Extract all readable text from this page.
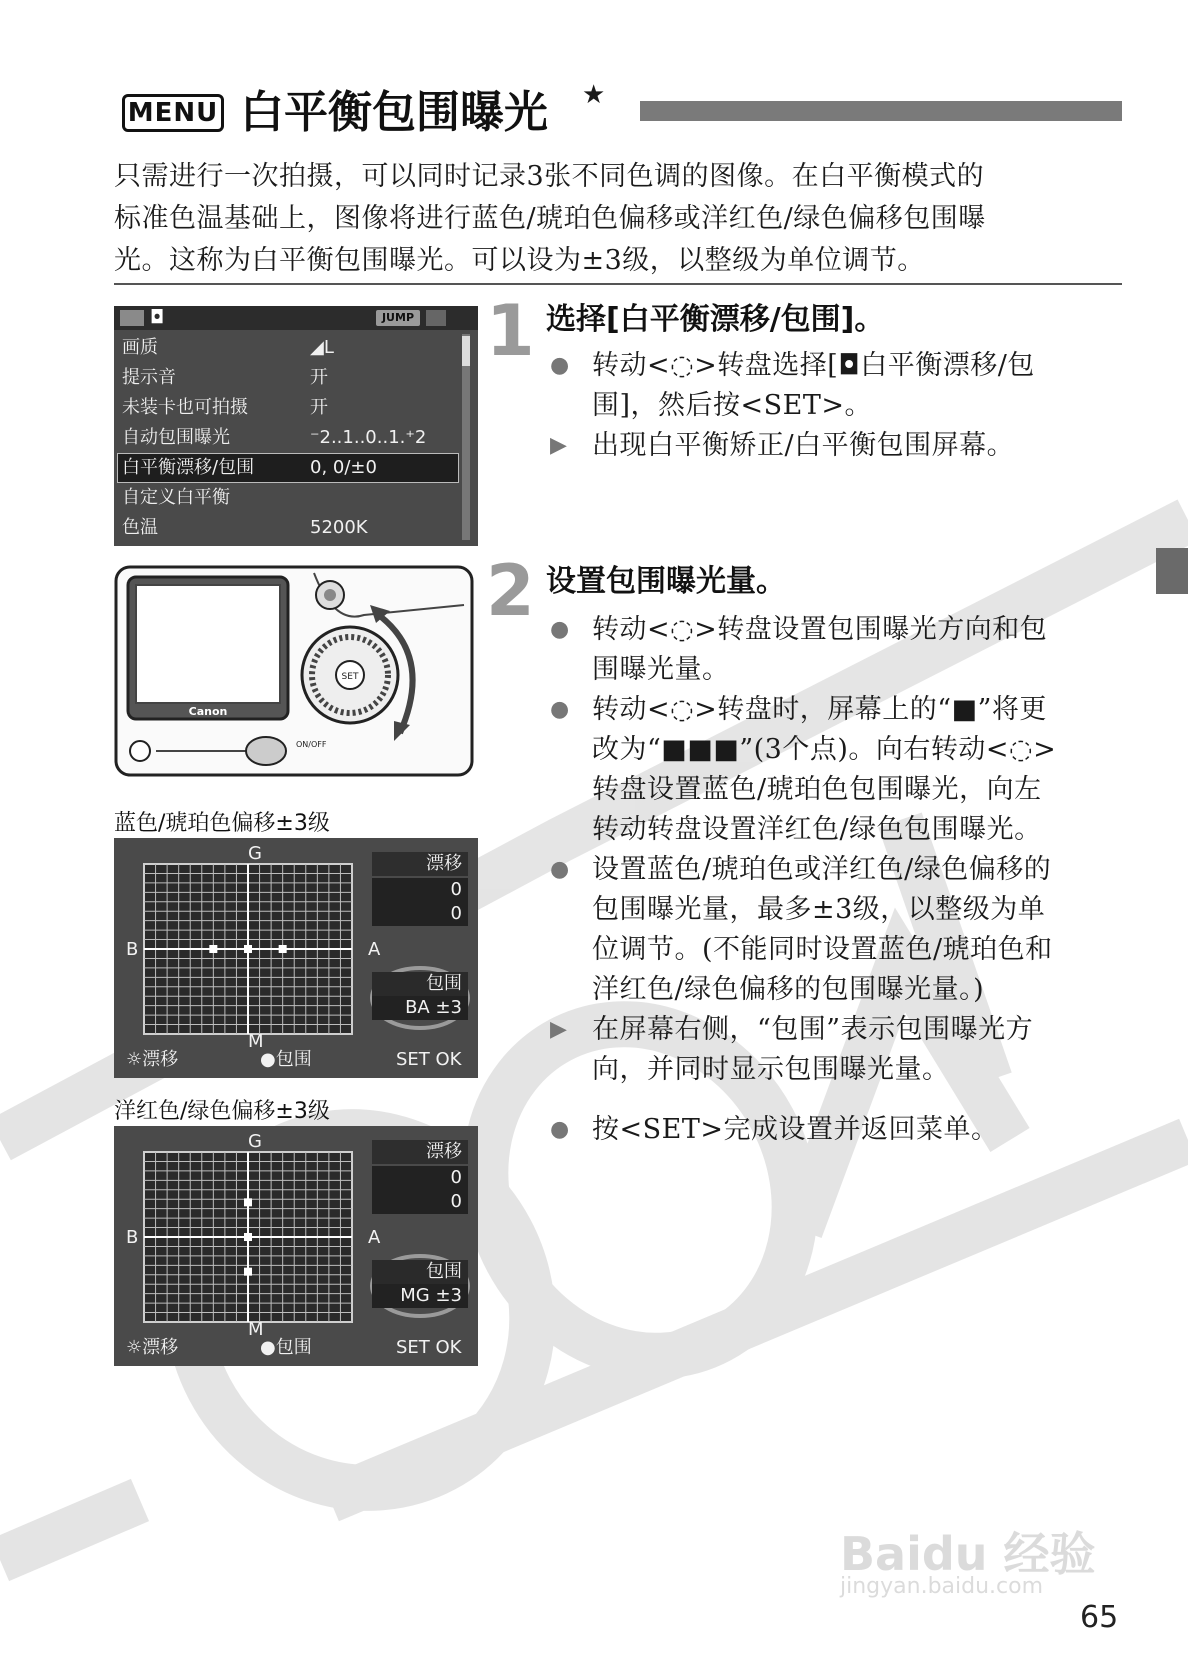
MENU 白平衡包围曝光 ★
只需进行一次拍摄，可以同时记录3张不同色调的图像。在白平衡模式的
标准色温基础上，图像将进行蓝色/琥珀色偏移或洋红色/绿色偏移包围曝
光。这称为白平衡包围曝光。可以设为±3级，以整级为单位调节。
◘	JUMP
画质	◢L
提示音	开
未装卡也可拍摄	开
自动包围曝光	⁻2..1..0..1.⁺2
白平衡漂移/包围	0, 0/±0
自定义白平衡
色温	5200K
Canon
SET
ON/OFF
1 选择[白平衡漂移/包围]。
● 转动<◌>转盘选择[◘白平衡漂移/包
围]，然后按<SET>。
▶ 出现白平衡矫正/白平衡包围屏幕。
2 设置包围曝光量。
● 转动<◌>转盘设置包围曝光方向和包
围曝光量。
● 转动<◌>转盘时，屏幕上的“■”将更
改为“■■■”(3个点)。向右转动<◌>
转盘设置蓝色/琥珀色包围曝光，向左
转动转盘设置洋红色/绿色包围曝光。
● 设置蓝色/琥珀色或洋红色/绿色偏移的
包围曝光量，最多±3级，以整级为单
位调节。(不能同时设置蓝色/琥珀色和
洋红色/绿色偏移的包围曝光量。)
▶ 在屏幕右侧，“包围”表示包围曝光方
向，并同时显示包围曝光量。
● 按<SET>完成设置并返回菜单。
蓝色/琥珀色偏移±3级
G
M
B	A
漂移
0
0
包围
BA ±3
☼漂移	●包围	SET OK
洋红色/绿色偏移±3级
G
M
B	A
漂移
0
0
包围
MG ±3
☼漂移	●包围	SET OK
Baidu 经验
jingyan.baidu.com
65
